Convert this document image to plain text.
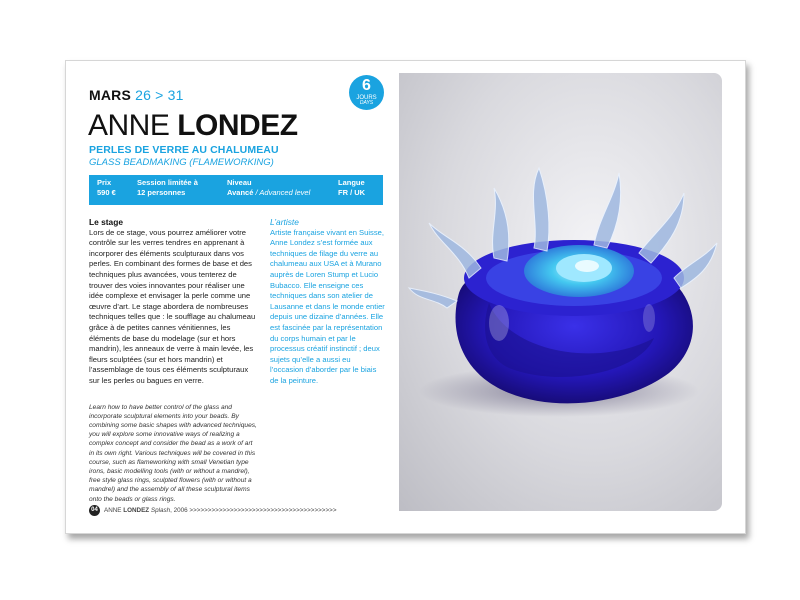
MARS 26 > 31
6
JOURS
DAYS
ANNE LONDEZ
PERLES DE VERRE AU CHALUMEAU
GLASS BEADMAKING (FLAMEWORKING)
Prix
590 €
Session limitée à
12 personnes
Niveau
Avancé / Advanced level
Langue
FR / UK
Le stage
Lors de ce stage, vous pourrez améliorer votre contrôle sur les verres tendres en apprenant à incorporer des éléments sculpturaux dans vos perles. En combinant des formes de base et des techniques plus avancées, vous tenterez de trouver des voies innovantes pour réaliser une idée complexe et envisager la perle comme une œuvre d’art. Le stage abordera de nombreuses techniques telles que : le soufflage au chalumeau grâce à de petites cannes vénitiennes, les éléments de base du modelage (sur et hors mandrin), les anneaux de verre à main levée, les fleurs sculptées (sur et hors mandrin) et l’assemblage de tous ces éléments sculpturaux sur les perles ou bagues en verre.
Learn how to have better control of the glass and incorporate sculptural elements into your beads. By combining some basic shapes with advanced techniques, you will explore some innovative ways of realizing a complex concept and consider the bead as a work of art in its own right. Various techniques will be covered in this course, such as flameworking with small Venetian type irons, basic modelling tools (with or without a mandrel), free style glass rings, sculpted flowers (with or without a mandrel) and the assembly of all these sculptural items onto the beads or glass rings.
L’artiste
Artiste française vivant en Suisse, Anne Londez s’est formée aux techniques de filage du verre au chalumeau aux USA et à Murano auprès de Loren Stump et Lucio Bubacco. Elle enseigne ces techniques dans son atelier de Lausanne et dans le monde entier depuis une dizaine d’années. Elle est fascinée par la représentation du corps humain et par le processus créatif instinctif ; deux sujets qu’elle a aussi eu l’occasion d’aborder par le biais de la peinture.
04 ANNE LONDEZ Splash, 2006 >>>>>>>>>>>>>>>>>>>>>>>>>>>>>>>>>>>>>>>>
